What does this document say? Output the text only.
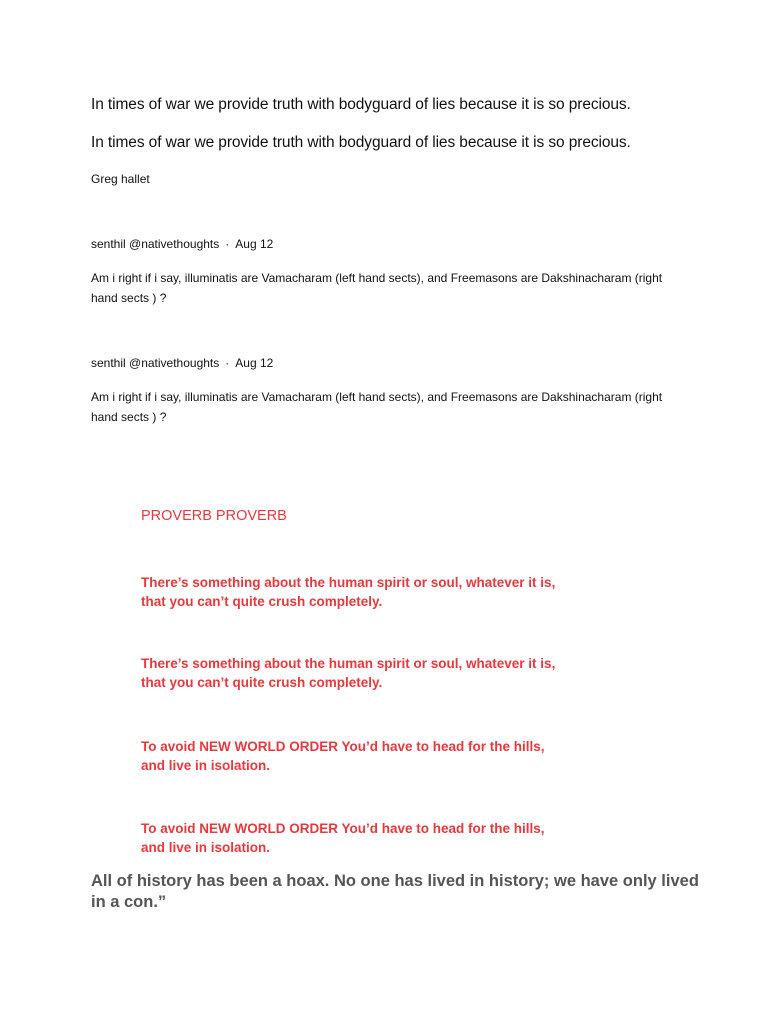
In times of war we provide truth with bodyguard of lies because it is so precious.

In times of war we provide truth with bodyguard of lies because it is so precious.

Greg hallet

senthil @nativethoughts · Aug 12

Am i right if i say, illuminatis are Vamacharam (left hand sects), and Freemasons are Dakshinacharam (right hand sects ) ?

senthil @nativethoughts · Aug 12

Am i right if i say, illuminatis are Vamacharam (left hand sects), and Freemasons are Dakshinacharam (right hand sects ) ?

PROVERB PROVERB

There’s something about the human spirit or soul, whatever it is, that you can’t quite crush completely.

There’s something about the human spirit or soul, whatever it is, that you can’t quite crush completely.

To avoid NEW WORLD ORDER You’d have to head for the hills, and live in isolation.

To avoid NEW WORLD ORDER You’d have to head for the hills, and live in isolation.

All of history has been a hoax. No one has lived in history; we have only lived in a con.”
